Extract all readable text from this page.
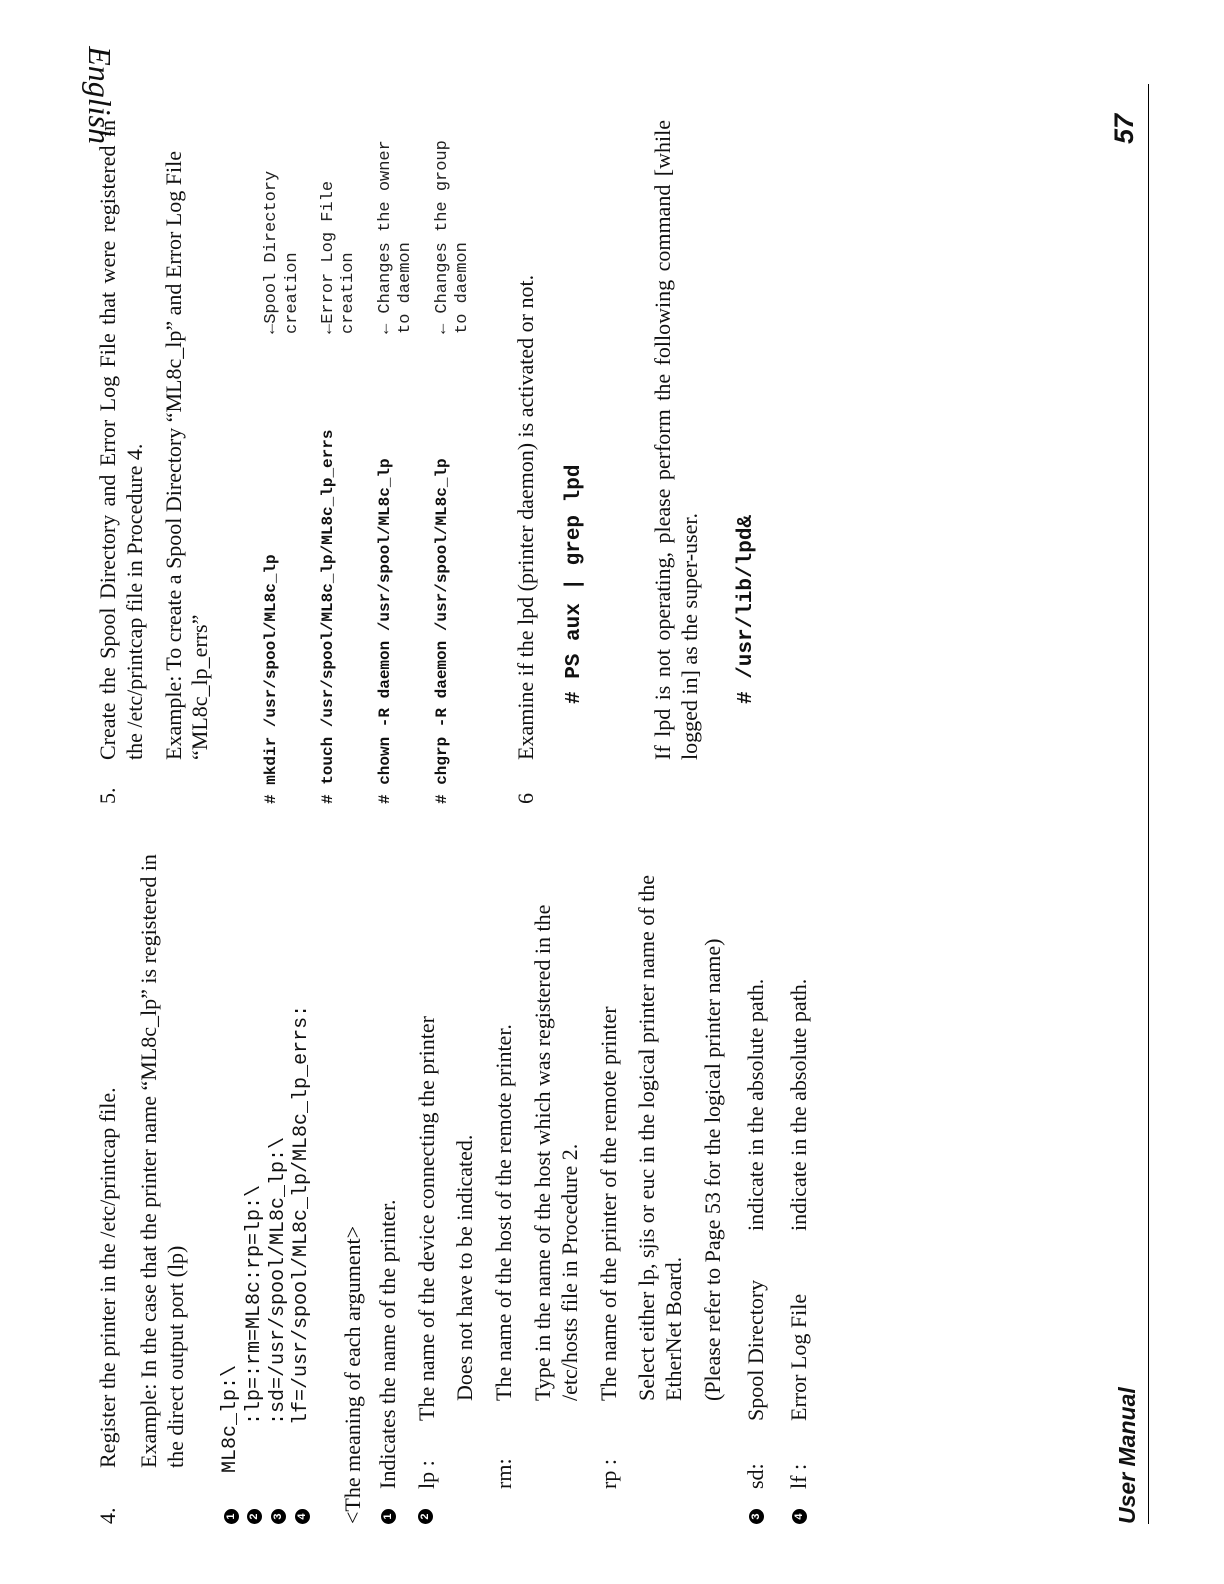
English
4.
Register the printer in the /etc/printcap file. Example: In the case that the printer name “ML8c_lp” is registered in the direct output port (lp)
1
ML8c_lp:\
2
:lp=:rm=ML8c:rp=lp:\
3
:sd=/usr/spool/ML8c_lp:\
4
lf=/usr/spool/ML8c_lp/ML8c_lp_errs: <The meaning of each argument> 1
Indicates the name of the printer.
2
lp :
The name of the device connecting the printer Does not have to be indicated.
rm:
The name of the host of the remote printer. Type in the name of the host which was registered in the /etc/hosts file in Procedure 2.
rp :
The name of the printer of the remote printer Select either lp, sjis or euc in the logical printer name of the EtherNet Board. (Please refer to Page 53 for the logical printer name)
3
sd:
Spool Directory
indicate in the absolute path.
4
lf :
Error Log File
indicate in the absolute path.
5.
Create the Spool Directory and Error Log File that were registered in the /etc/printcap file in Procedure 4. Example: To create a Spool Directory “ML8c_lp” and Error Log File “ML8c_lp_errs”	# mkdir /usr/spool/ML8c_lp
←Spool Directory creation
# touch /usr/spool/ML8c_lp/ML8c_lp_errs
←Error Log File creation
# chown -R daemon /usr/spool/ML8c_lp
← Changes the owner to daemon
# chgrp -R daemon /usr/spool/ML8c_lp
← Changes the group to daemon
6
Examine if the lpd (printer daemon) is activated or not. # PS aux | grep lpd	If lpd is not operating, please perform the following command [while logged in] as the super-user. # /usr/lib/lpd&
User Manual
57
